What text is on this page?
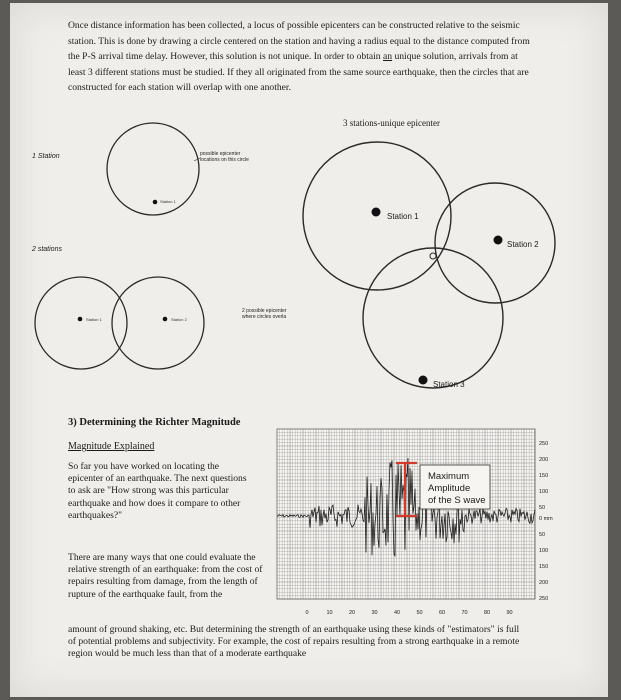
Once distance information has been collected, a locus of possible epicenters can be constructed relative to the seismic station. This is done by drawing a circle centered on the station and having a radius equal to the distance computed from the P-S arrival time delay. However, this solution is not unique. In order to obtain an unique solution, arrivals from at least 3 different stations must be studied. If they all originated from the same source earthquake, then the circles that are constructed for each station will overlap with one another.
1 Station	possible epicenter
locations on this circle
2 stations
2 possible epicenter
where circles overla
Station 1
Station 1	Station 2
3 stations-unique epicenter
Station 1
Station 2
Station 3
3) Determining the Richter Magnitude
Magnitude Explained
So far you have worked on locating the epicenter of an earthquake. The next questions to ask are "How strong was this particular earthquake and how does it compare to other earthquakes?"
There are many ways that one could evaluate the relative strength of an earthquake: from the cost of repairs resulting from damage, from the length of rupture of the earthquake fault, from the
amount of ground shaking, etc. But determining the strength of an earthquake using these kinds of "estimators" is full of potential problems and subjectivity. For example, the cost of repairs resulting from a strong earthquake in a remote region would be much less than that of a moderate earthquake
Maximum
Amplitude
of the S wave
0	10	20	30	40	50	60	70	80	90
250
200
150
100
50
0 mm
50
100
150
200
250
